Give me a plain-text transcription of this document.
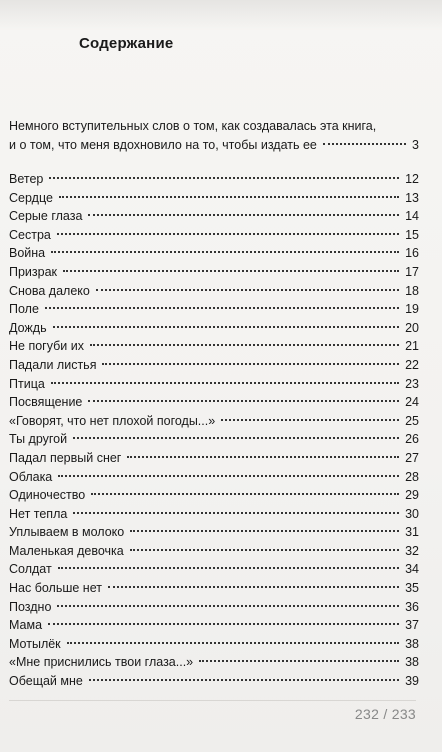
Содержание
Немного вступительных слов о том, как создавалась эта книга,
и о том, что меня вдохновило на то, чтобы издать ее	3
Ветер	12
Сердце	13
Серые глаза	14
Сестра	15
Война	16
Призрак	17
Снова далеко	18
Поле	19
Дождь	20
Не погуби их	21
Падали листья	22
Птица	23
Посвящение	24
«Говорят, что нет плохой погоды...»	25
Ты другой	26
Падал первый снег	27
Облака	28
Одиночество	29
Нет тепла	30
Уплываем в молоко	31
Маленькая девочка	32
Солдат	34
Нас больше нет	35
Поздно	36
Мама	37
Мотылёк	38
«Мне приснились твои глаза...»	38
Обещай мне	39
232 / 233
